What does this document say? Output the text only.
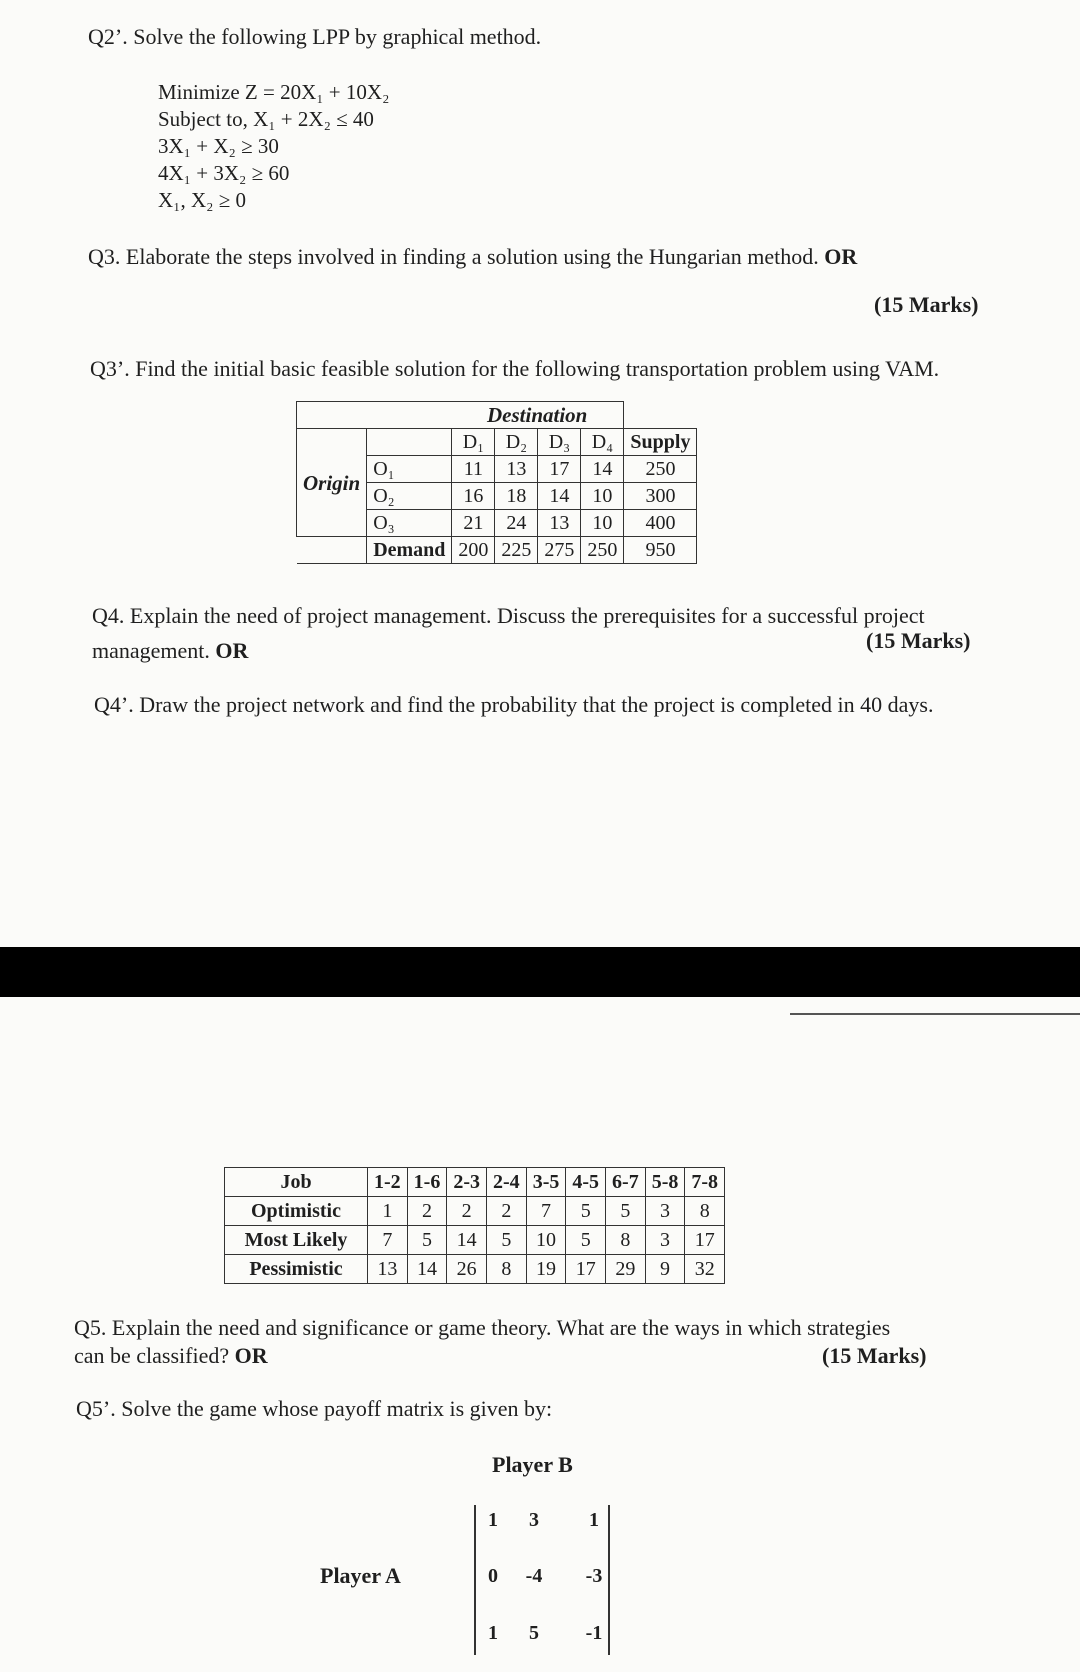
Q2’. Solve the following LPP by graphical method.
Minimize Z = 20X₁ + 10X₂
Subject to, X₁ + 2X₂ ≤ 40
3X₁ + X₂ ≥ 30
4X₁ + 3X₂ ≥ 60
X₁, X₂ ≥ 0
Q3. Elaborate the steps involved in finding a solution using the Hungarian method. OR
(15 Marks)
Q3’. Find the initial basic feasible solution for the following transportation problem using VAM.
Destination						
Origin		D₁	D₂	D₃	D₄	Supply
	O₁	11	13	17	14	250
	O₂	16	18	14	10	300
	O₃	21	24	13	10	400
	Demand	200	225	275	250	950
Q4. Explain the need of project management. Discuss the prerequisites for a successful project
management. OR	(15 Marks)
Q4’. Draw the project network and find the probability that the project is completed in 40 days.
Job	1-2	1-6	2-3	2-4	3-5	4-5	6-7	5-8	7-8
Optimistic	1	2	2	2	7	5	5	3	8
Most Likely	7	5	14	5	10	5	8	3	17
Pessimistic	13	14	26	8	19	17	29	9	32
Q5. Explain the need and significance or game theory. What are the ways in which strategies
can be classified? OR	(15 Marks)
Q5’. Solve the game whose payoff matrix is given by:
Player B
Player A
1	3	1
0	-4	-3
1	5	-1
